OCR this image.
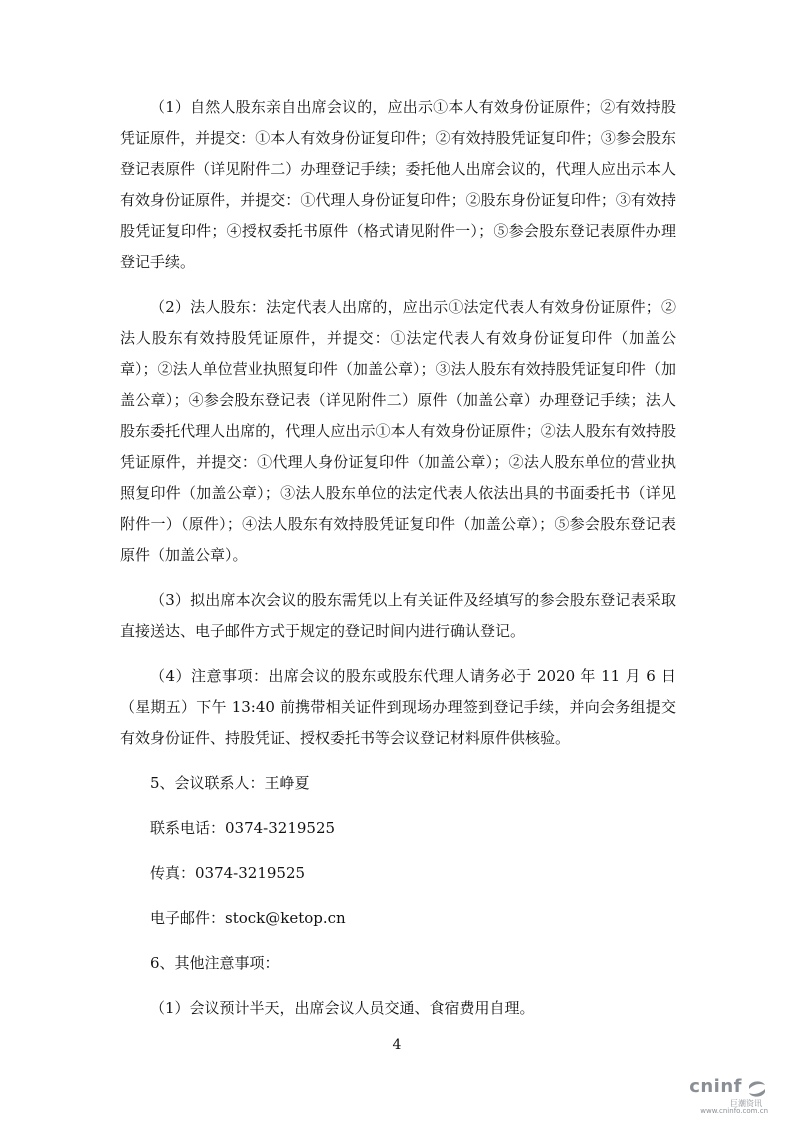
（1）自然人股东亲自出席会议的，应出示①本人有效身份证原件；②有效持股凭证原件，并提交：①本人有效身份证复印件；②有效持股凭证复印件；③参会股东登记表原件（详见附件二）办理登记手续；委托他人出席会议的，代理人应出示本人有效身份证原件，并提交：①代理人身份证复印件；②股东身份证复印件；③有效持股凭证复印件；④授权委托书原件（格式请见附件一）；⑤参会股东登记表原件办理登记手续。

（2）法人股东：法定代表人出席的，应出示①法定代表人有效身份证原件；②法人股东有效持股凭证原件，并提交：①法定代表人有效身份证复印件（加盖公章）；②法人单位营业执照复印件（加盖公章）；③法人股东有效持股凭证复印件（加盖公章）；④参会股东登记表（详见附件二）原件（加盖公章）办理登记手续；法人股东委托代理人出席的，代理人应出示①本人有效身份证原件；②法人股东有效持股凭证原件，并提交：①代理人身份证复印件（加盖公章）；②法人股东单位的营业执照复印件（加盖公章）；③法人股东单位的法定代表人依法出具的书面委托书（详见附件一）（原件）；④法人股东有效持股凭证复印件（加盖公章）；⑤参会股东登记表原件（加盖公章）。

（3）拟出席本次会议的股东需凭以上有关证件及经填写的参会股东登记表采取直接送达、电子邮件方式于规定的登记时间内进行确认登记。

（4）注意事项：出席会议的股东或股东代理人请务必于 2020 年 11 月 6 日（星期五）下午 13:40 前携带相关证件到现场办理签到登记手续，并向会务组提交有效身份证件、持股凭证、授权委托书等会议登记材料原件供核验。

5、会议联系人：王峥夏
联系电话：0374-3219525
传真：0374-3219525
电子邮件：stock@ketop.cn
6、其他注意事项：
（1）会议预计半天，出席会议人员交通、食宿费用自理。
4
cninf
巨潮资讯
www.cninfo.com.cn
